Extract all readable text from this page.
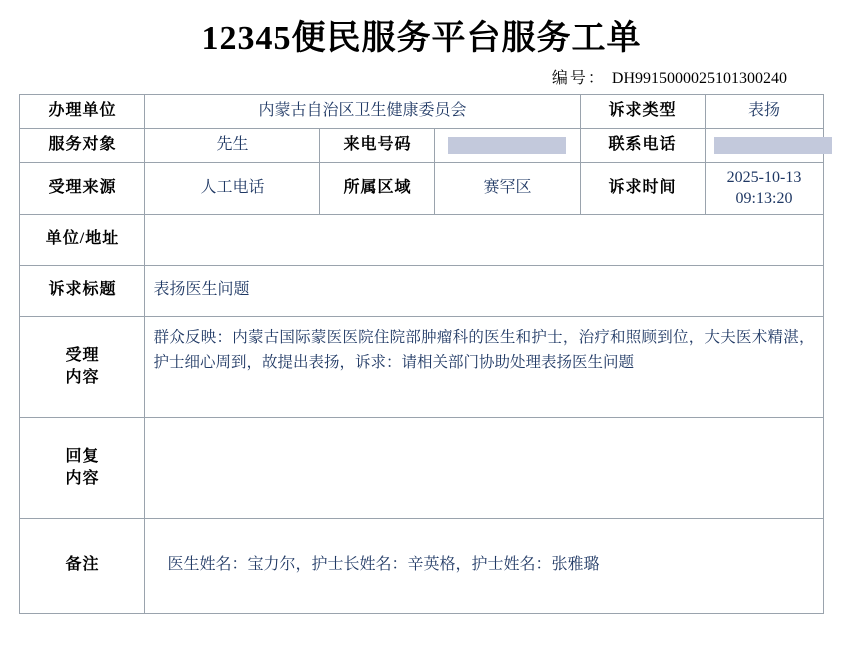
12345便民服务平台服务工单
编号： DH9915000025101300240
办理单位	内蒙古自治区卫生健康委员会			诉求类型	表扬
服务对象	先生	来电号码		联系电话	
受理来源	人工电话	所属区域	赛罕区	诉求时间	2025-10-13
09:13:20

单位/地址					
诉求标题	表扬医生问题				

受理
内容	群众反映：内蒙古国际蒙医医院住院部肿瘤科的医生和护士，治疗和照顾到位，大夫医术精湛，护士细心周到，故提出表扬，诉求：请相关部门协助处理表扬医生问题				

回复
内容					

备注	医生姓名：宝力尔，护士长姓名：辛英格，护士姓名：张雅璐				
